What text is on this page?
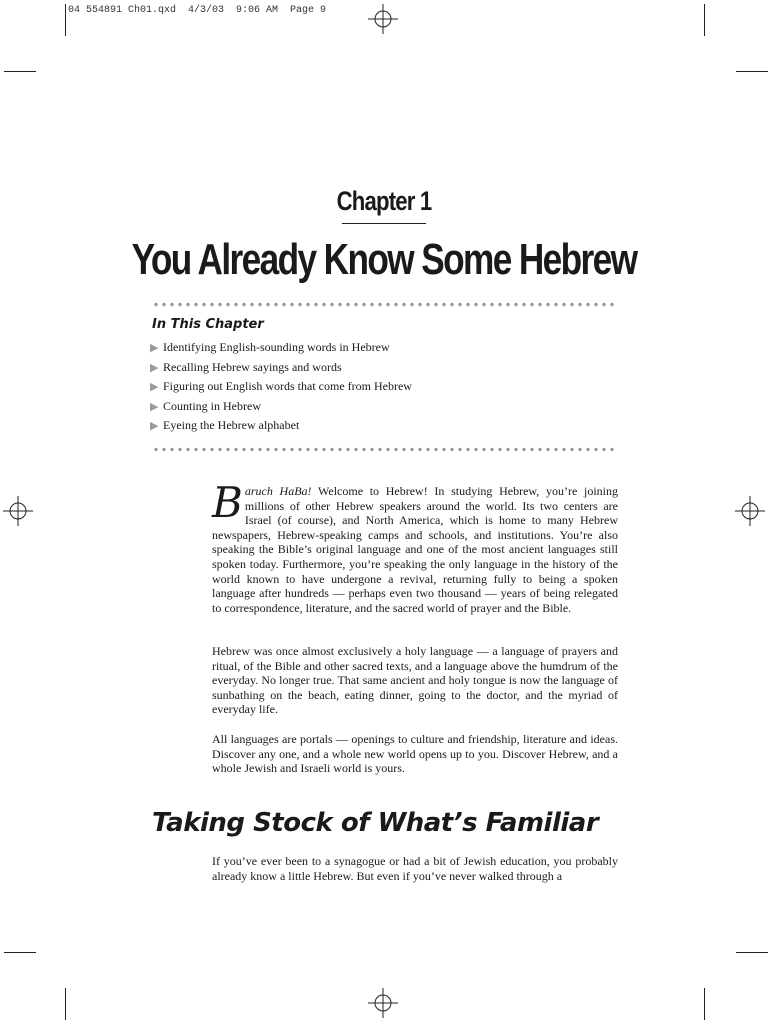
04 554891 Ch01.qxd  4/3/03  9:06 AM  Page 9
Chapter 1
You Already Know Some Hebrew
In This Chapter
▶ Identifying English-sounding words in Hebrew
▶ Recalling Hebrew sayings and words
▶ Figuring out English words that come from Hebrew
▶ Counting in Hebrew
▶ Eyeing the Hebrew alphabet

Baruch HaBa! Welcome to Hebrew! In studying Hebrew, you’re joining millions of other Hebrew speakers around the world. Its two centers are Israel (of course), and North America, which is home to many Hebrew newspapers, Hebrew-speaking camps and schools, and institutions. You’re also speaking the Bible’s original language and one of the most ancient languages still spoken today. Furthermore, you’re speaking the only language in the history of the world known to have undergone a revival, returning fully to being a spoken language after hundreds — perhaps even two thousand — years of being relegated to correspondence, literature, and the sacred world of prayer and the Bible.

Hebrew was once almost exclusively a holy language — a language of prayers and ritual, of the Bible and other sacred texts, and a language above the humdrum of the everyday. No longer true. That same ancient and holy tongue is now the language of sunbathing on the beach, eating dinner, going to the doctor, and the myriad of everyday life.

All languages are portals — openings to culture and friendship, literature and ideas. Discover any one, and a whole new world opens up to you. Discover Hebrew, and a whole Jewish and Israeli world is yours.

Taking Stock of What’s Familiar

If you’ve ever been to a synagogue or had a bit of Jewish education, you probably already know a little Hebrew. But even if you’ve never walked through a
